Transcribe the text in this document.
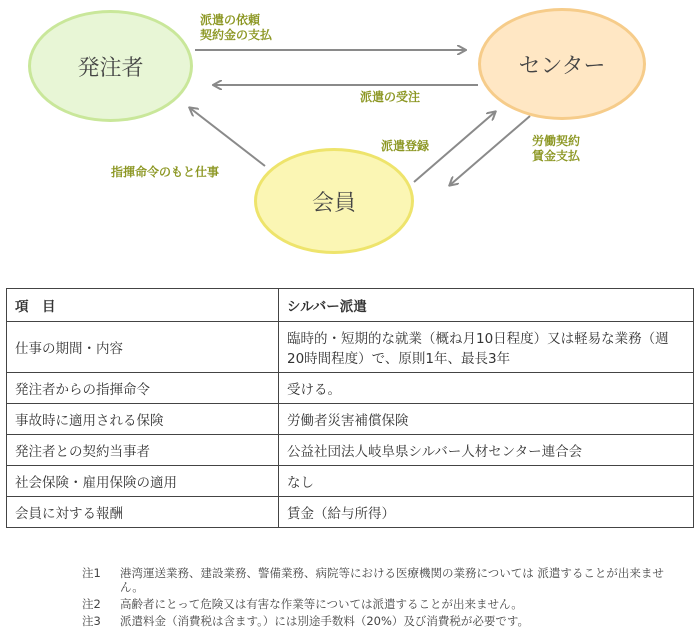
発注者	センター
会員
派遣の依頼
契約金の支払
派遣の受注
派遣登録	労働契約
賃金支払
指揮命令のもと仕事
項　目	シルバー派遣
仕事の期間・内容	臨時的・短期的な就業（概ね月10日程度）又は軽易な業務（週20時間程度）で、原則1年、最長3年
発注者からの指揮命令	受ける。
事故時に適用される保険	労働者災害補償保険
発注者との契約当事者	公益社団法人岐阜県シルバー人材センター連合会
社会保険・雇用保険の適用	なし
会員に対する報酬	賃金（給与所得）
注1	港湾運送業務、建設業務、警備業務、病院等における医療機関の業務については 派遣することが出来ません。
注2	高齢者にとって危険又は有害な作業等については派遣することが出来ません。
注3	派遣料金（消費税は含ます。）には別途手数料（20%）及び消費税が必要です。
